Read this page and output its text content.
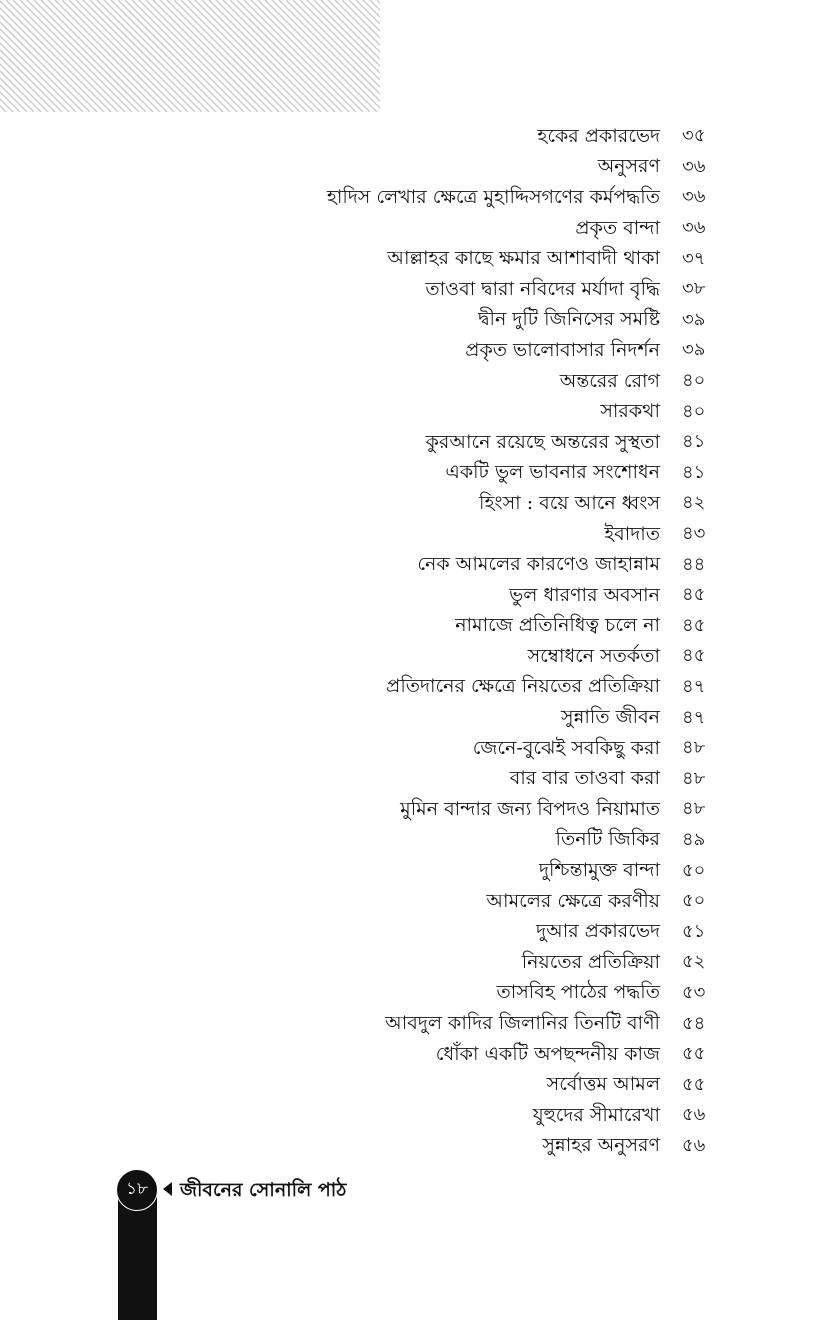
হকের প্রকারভেদ ৩৫
অনুসরণ ৩৬
হাদিস লেখার ক্ষেত্রে মুহাদ্দিসগণের কর্মপদ্ধতি ৩৬
প্রকৃত বান্দা ৩৬
আল্লাহর কাছে ক্ষমার আশাবাদী থাকা ৩৭
তাওবা দ্বারা নবিদের মর্যাদা বৃদ্ধি ৩৮
দ্বীন দুটি জিনিসের সমষ্টি ৩৯
প্রকৃত ভালোবাসার নিদর্শন ৩৯
অন্তরের রোগ ৪০
সারকথা ৪০
কুরআনে রয়েছে অন্তরের সুস্থতা ৪১
একটি ভুল ভাবনার সংশোধন ৪১
হিংসা : বয়ে আনে ধ্বংস ৪২
ইবাদাত ৪৩
নেক আমলের কারণেও জাহান্নাম ৪৪
ভুল ধারণার অবসান ৪৫
নামাজে প্রতিনিধিত্ব চলে না ৪৫
সম্বোধনে সতর্কতা ৪৫
প্রতিদানের ক্ষেত্রে নিয়তের প্রতিক্রিয়া ৪৭
সুন্নাতি জীবন ৪৭
জেনে-বুঝেই সবকিছু করা ৪৮
বার বার তাওবা করা ৪৮
মুমিন বান্দার জন্য বিপদও নিয়ামাত ৪৮
তিনটি জিকির ৪৯
দুশ্চিন্তামুক্ত বান্দা ৫০
আমলের ক্ষেত্রে করণীয় ৫০
দুআর প্রকারভেদ ৫১
নিয়তের প্রতিক্রিয়া ৫২
তাসবিহ পাঠের পদ্ধতি ৫৩
আবদুল কাদির জিলানির তিনটি বাণী ৫৪
ধোঁকা একটি অপছন্দনীয় কাজ ৫৫
সর্বোত্তম আমল ৫৫
যুহুদের সীমারেখা ৫৬
সুন্নাহর অনুসরণ ৫৬
১৮ জীবনের সোনালি পাঠ
